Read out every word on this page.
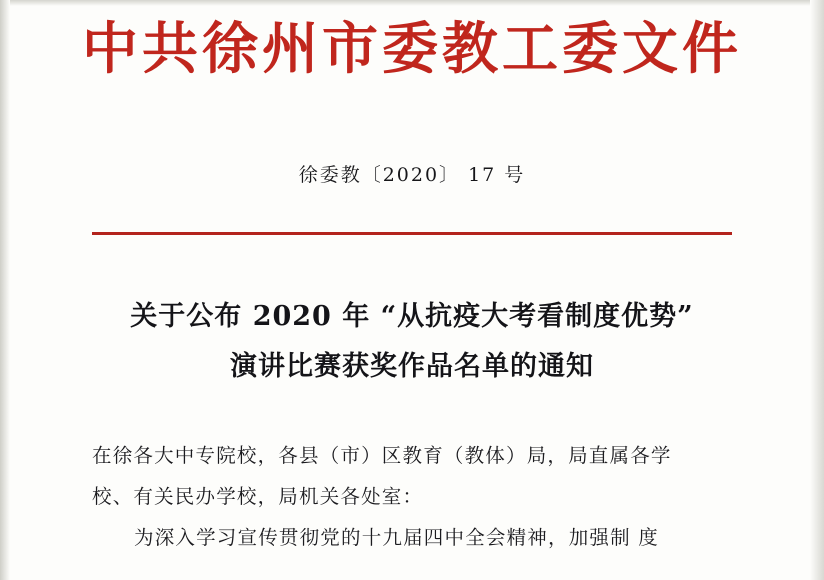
中共徐州市委教工委文件
徐委教〔2020〕 17 号
关于公布 2020 年 “从抗疫大考看制度优势”
演讲比赛获奖作品名单的通知

在徐各大中专院校，各县（市）区教育（教体）局，局直属各学

校、有关民办学校，局机关各处室：

为深入学习宣传贯彻党的十九届四中全会精神，加强制 度
